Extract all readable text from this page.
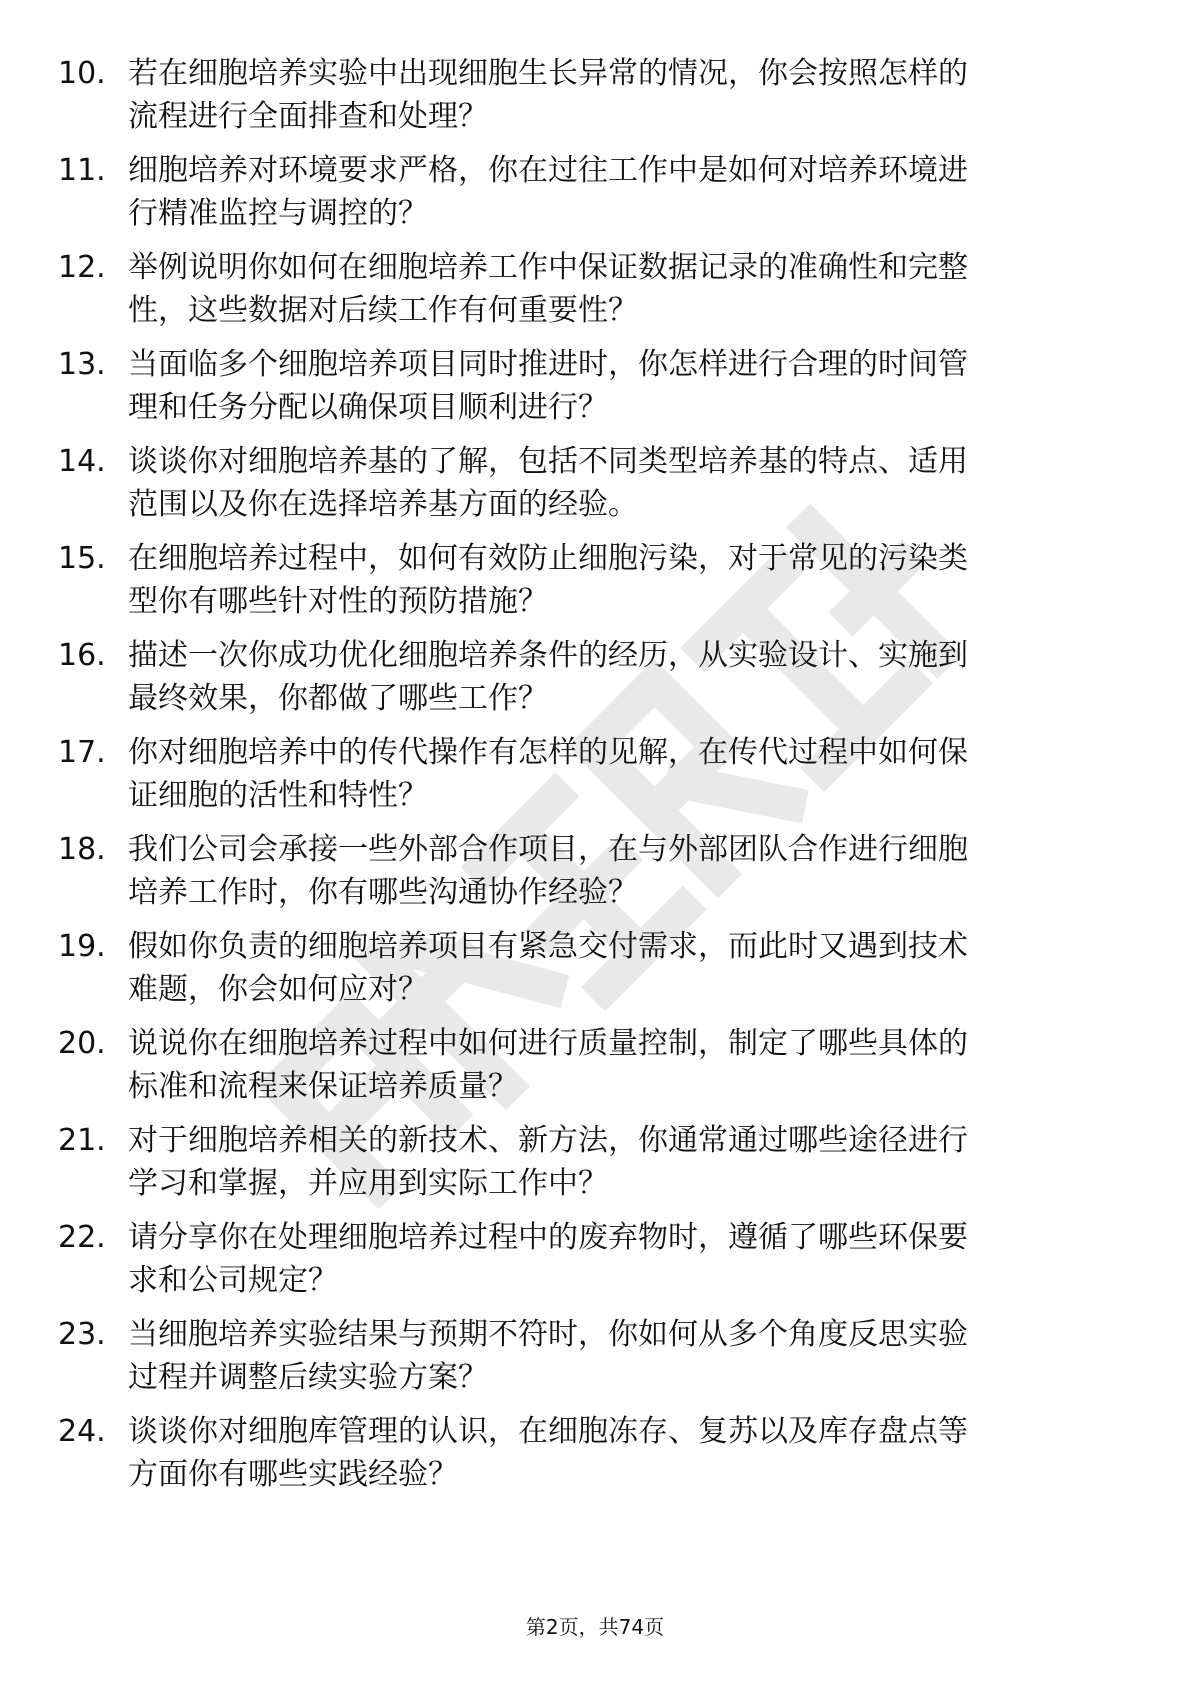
10. 若在细胞培养实验中出现细胞生长异常的情况，你会按照怎样的
流程进行全面排查和处理？

11. 细胞培养对环境要求严格，你在过往工作中是如何对培养环境进
行精准监控与调控的？

12. 举例说明你如何在细胞培养工作中保证数据记录的准确性和完整
性，这些数据对后续工作有何重要性？

13. 当面临多个细胞培养项目同时推进时，你怎样进行合理的时间管
理和任务分配以确保项目顺利进行？

14. 谈谈你对细胞培养基的了解，包括不同类型培养基的特点、适用
范围以及你在选择培养基方面的经验。

15. 在细胞培养过程中，如何有效防止细胞污染，对于常见的污染类
型你有哪些针对性的预防措施？

16. 描述一次你成功优化细胞培养条件的经历，从实验设计、实施到
最终效果，你都做了哪些工作？

17. 你对细胞培养中的传代操作有怎样的见解，在传代过程中如何保
证细胞的活性和特性？

18. 我们公司会承接一些外部合作项目，在与外部团队合作进行细胞
培养工作时，你有哪些沟通协作经验？

19. 假如你负责的细胞培养项目有紧急交付需求，而此时又遇到技术
难题，你会如何应对？

20. 说说你在细胞培养过程中如何进行质量控制，制定了哪些具体的
标准和流程来保证培养质量？

21. 对于细胞培养相关的新技术、新方法，你通常通过哪些途径进行
学习和掌握，并应用到实际工作中？

22. 请分享你在处理细胞培养过程中的废弃物时，遵循了哪些环保要
求和公司规定？

23. 当细胞培养实验结果与预期不符时，你如何从多个角度反思实验
过程并调整后续实验方案？

24. 谈谈你对细胞库管理的认识，在细胞冻存、复苏以及库存盘点等
方面你有哪些实践经验？

第2页，共74页
